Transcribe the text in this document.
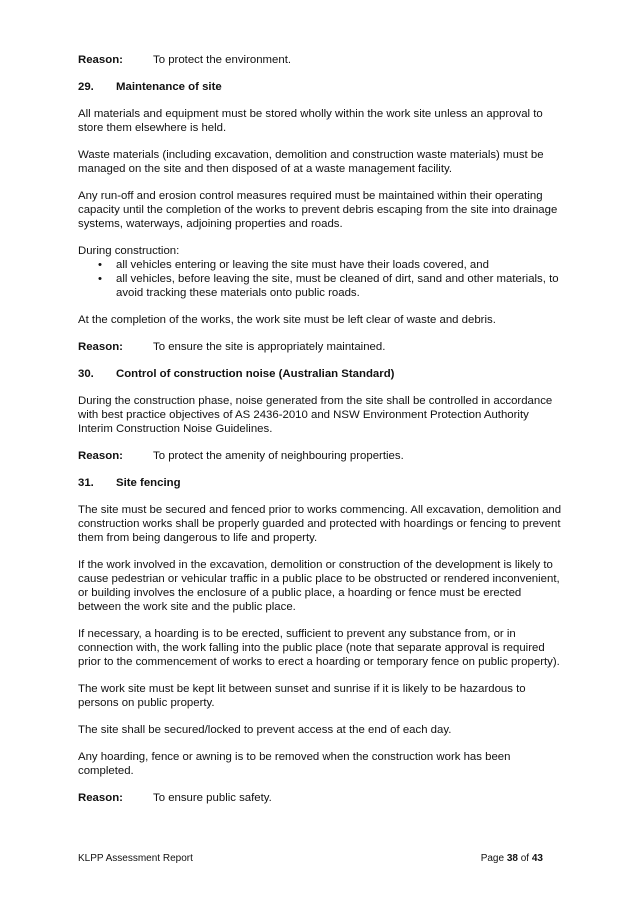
Reason:	To protect the environment.
29.	Maintenance of site

All materials and equipment must be stored wholly within the work site unless an approval to store them elsewhere is held.

Waste materials (including excavation, demolition and construction waste materials) must be managed on the site and then disposed of at a waste management facility.

Any run-off and erosion control measures required must be maintained within their operating capacity until the completion of the works to prevent debris escaping from the site into drainage systems, waterways, adjoining properties and roads.

During construction:

• all vehicles entering or leaving the site must have their loads covered, and
• all vehicles, before leaving the site, must be cleaned of dirt, sand and other materials, to avoid tracking these materials onto public roads.

At the completion of the works, the work site must be left clear of waste and debris.

Reason:	To ensure the site is appropriately maintained.
30.	Control of construction noise (Australian Standard)

During the construction phase, noise generated from the site shall be controlled in accordance with best practice objectives of AS 2436-2010 and NSW Environment Protection Authority Interim Construction Noise Guidelines.

Reason:	To protect the amenity of neighbouring properties.
31.	Site fencing

The site must be secured and fenced prior to works commencing. All excavation, demolition and construction works shall be properly guarded and protected with hoardings or fencing to prevent them from being dangerous to life and property.

If the work involved in the excavation, demolition or construction of the development is likely to cause pedestrian or vehicular traffic in a public place to be obstructed or rendered inconvenient, or building involves the enclosure of a public place, a hoarding or fence must be erected between the work site and the public place.

If necessary, a hoarding is to be erected, sufficient to prevent any substance from, or in connection with, the work falling into the public place (note that separate approval is required prior to the commencement of works to erect a hoarding or temporary fence on public property).

The work site must be kept lit between sunset and sunrise if it is likely to be hazardous to persons on public property.

The site shall be secured/locked to prevent access at the end of each day.

Any hoarding, fence or awning is to be removed when the construction work has been completed.

Reason:	To ensure public safety.
KLPP Assessment Report	Page 38 of 43
